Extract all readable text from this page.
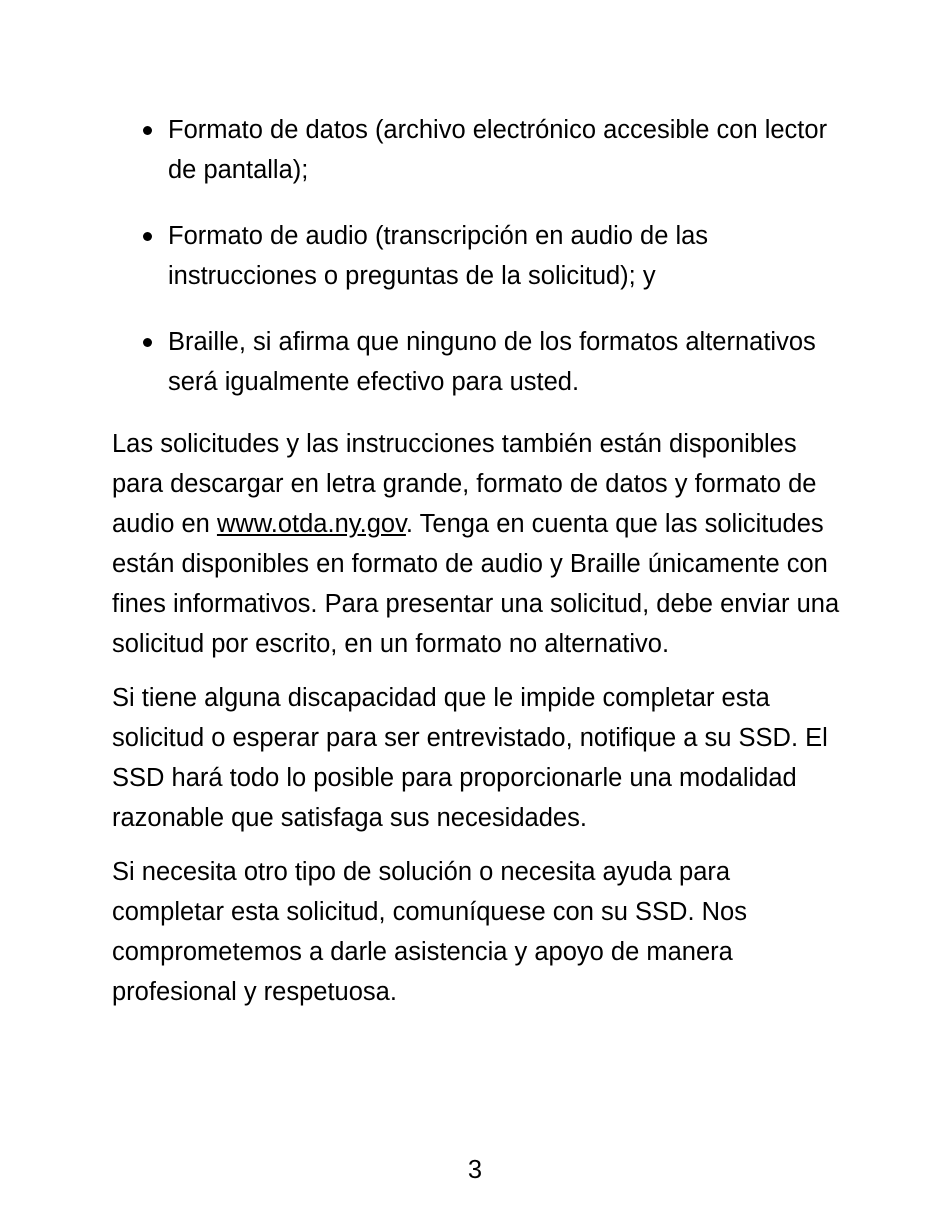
Formato de datos (archivo electrónico accesible con lector de pantalla);
Formato de audio (transcripción en audio de las instrucciones o preguntas de la solicitud); y
Braille, si afirma que ninguno de los formatos alternativos será igualmente efectivo para usted.

Las solicitudes y las instrucciones también están disponibles para descargar en letra grande, formato de datos y formato de audio en www.otda.ny.gov. Tenga en cuenta que las solicitudes están disponibles en formato de audio y Braille únicamente con fines informativos. Para presentar una solicitud, debe enviar una solicitud por escrito, en un formato no alternativo.

Si tiene alguna discapacidad que le impide completar esta solicitud o esperar para ser entrevistado, notifique a su SSD. El SSD hará todo lo posible para proporcionarle una modalidad razonable que satisfaga sus necesidades.

Si necesita otro tipo de solución o necesita ayuda para completar esta solicitud, comuníquese con su SSD. Nos comprometemos a darle asistencia y apoyo de manera profesional y respetuosa.

3
